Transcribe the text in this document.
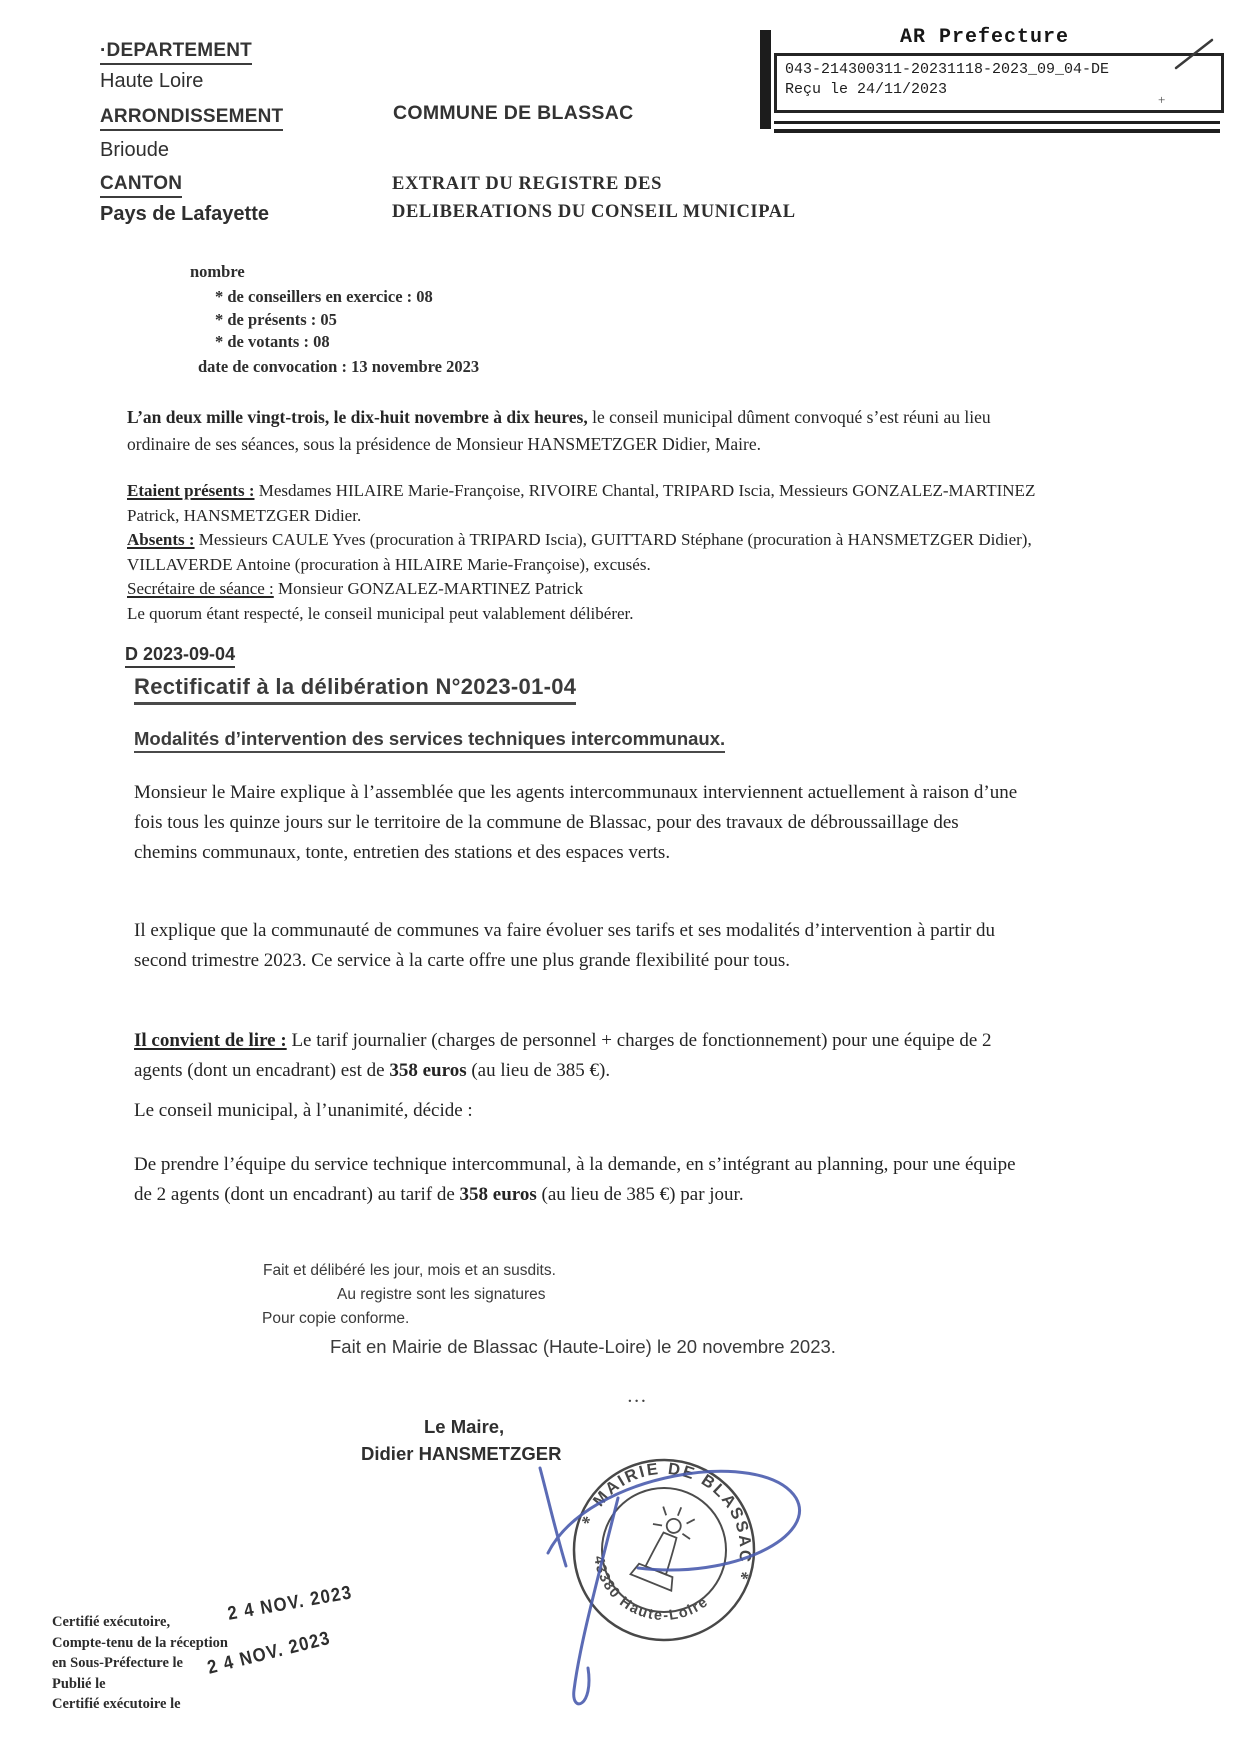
·DEPARTEMENT
Haute Loire
ARRONDISSEMENT
Brioude
CANTON
Pays de Lafayette
COMMUNE DE BLASSAC
EXTRAIT DU REGISTRE DES
DELIBERATIONS DU CONSEIL MUNICIPAL
AR Prefecture
043-214300311-20231118-2023_09_04-DE
Reçu le 24/11/2023
+
nombre
* de conseillers en exercice : 08
* de présents : 05
* de votants : 08
date de convocation : 13 novembre 2023
L’an deux mille vingt-trois, le dix-huit novembre à dix heures, le conseil municipal dûment convoqué s’est réuni au lieu ordinaire de ses séances, sous la présidence de Monsieur HANSMETZGER Didier, Maire.
Etaient présents : Mesdames HILAIRE Marie-Françoise, RIVOIRE Chantal, TRIPARD Iscia, Messieurs GONZALEZ-MARTINEZ Patrick, HANSMETZGER Didier.
Absents : Messieurs CAULE Yves (procuration à TRIPARD Iscia), GUITTARD Stéphane (procuration à HANSMETZGER Didier), VILLAVERDE Antoine (procuration à HILAIRE Marie-Françoise), excusés.
Secrétaire de séance : Monsieur GONZALEZ-MARTINEZ Patrick
Le quorum étant respecté, le conseil municipal peut valablement délibérer.
D 2023-09-04
Rectificatif à la délibération N°2023-01-04
Modalités d’intervention des services techniques intercommunaux.
Monsieur le Maire explique à l’assemblée que les agents intercommunaux interviennent actuellement à raison d’une fois tous les quinze jours sur le territoire de la commune de Blassac, pour des travaux de débroussaillage des chemins communaux, tonte, entretien des stations et des espaces verts.
Il explique que la communauté de communes va faire évoluer ses tarifs et ses modalités d’intervention à partir du second trimestre 2023. Ce service à la carte offre une plus grande flexibilité pour tous.
Il convient de lire : Le tarif journalier (charges de personnel + charges de fonctionnement) pour une équipe de 2 agents (dont un encadrant) est de 358 euros (au lieu de 385 €).
Le conseil municipal, à l’unanimité, décide :
De prendre l’équipe du service technique intercommunal, à la demande, en s’intégrant au planning, pour une équipe de 2 agents (dont un encadrant) au tarif de 358 euros (au lieu de 385 €) par jour.
Fait et délibéré les jour, mois et an susdits.
Au registre sont les signatures
Pour copie conforme.
Fait en Mairie de Blassac (Haute-Loire) le 20 novembre 2023.
...
Le Maire,
Didier HANSMETZGER
MAIRIE DE BLASSAC
43380 Haute-Loire
*
*
Certifié exécutoire,
Compte-tenu de la réception
en Sous-Préfecture le
Publié le
Certifié exécutoire le
2 4 NOV. 2023
2 4 NOV. 2023
